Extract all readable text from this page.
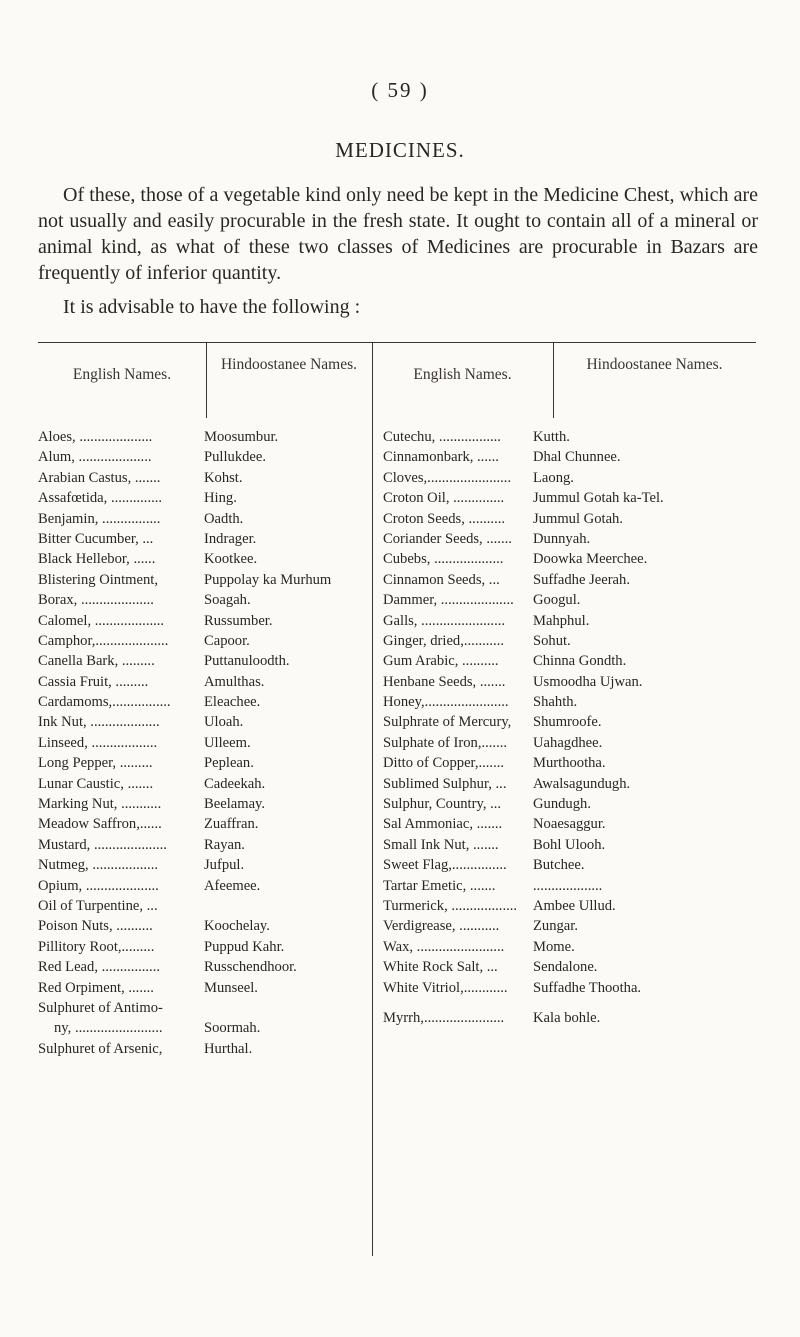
( 59 )
MEDICINES.

Of these, those of a vegetable kind only need be kept in the Medicine Chest, which are not usually and easily procurable in the fresh state. It ought to contain all of a mineral or animal kind, as what of these two classes of Medicines are procurable in Bazars are frequently of inferior quantity.

It is advisable to have the following :

English Names.
Hindoostanee Names.
English Names.
Hindoostanee Names.
Aloes, ....................	Moosumbur.
Alum, ....................	Pullukdee.
Arabian Castus, .......	Kohst.
Assafœtida, ..............	Hing.
Benjamin, ................	Oadth.
Bitter Cucumber, ...	Indrager.
Black Hellebor, ......	Kootkee.
Blistering Ointment,	Puppolay ka Murhum
Borax, ....................	Soagah.
Calomel, ...................	Russumber.
Camphor,.................... Capoor.
Canella Bark, .........	Puttanuloodth.
Cassia Fruit, .........	Amulthas.
Cardamoms,................ Eleachee.
Ink Nut, ...................	Uloah.
Linseed, ..................	Ulleem.
Long Pepper, .........	Peplean.
Lunar Caustic, .......	Cadeekah.
Marking Nut, ...........	Beelamay.
Meadow Saffron,......	Zuaffran.
Mustard, ....................	Rayan.
Nutmeg, ..................	Jufpul.
Opium, ....................	Afeemee.
Oil of Turpentine, ...
Poison Nuts, ..........	Koochelay.
Pillitory Root,.........	Puppud Kahr.
Red Lead, ................	Russchendhoor.
Red Orpiment, .......	Munseel.
Sulphuret of Antimo-
ny, ........................	Soormah.
Sulphuret of Arsenic,	Hurthal.
Cutechu, ................. Kutth.
Cinnamonbark, ...... Dhal Chunnee.
Cloves,....................... Laong.
Croton Oil, .............. Jummul Gotah ka-Tel.
Croton Seeds, .......... Jummul Gotah.
Coriander Seeds, ....... Dunnyah.
Cubebs, ................... Doowka Meerchee.
Cinnamon Seeds, ... Suffadhe Jeerah.
Dammer, .................... Googul.
Galls, ....................... Mahphul.
Ginger, dried,........... Sohut.
Gum Arabic, .......... Chinna Gondth.
Henbane Seeds, ....... Usmoodha Ujwan.
Honey,....................... Shahth.
Sulphrate of Mercury, Shumroofe.
Sulphate of Iron,....... Uahagdhee.
Ditto of Copper,....... Murthootha.
Sublimed Sulphur, ... Awalsagundugh.
Sulphur, Country, ... Gundugh.
Sal Ammoniac, ....... Noaesaggur.
Small Ink Nut, ....... Bohl Ulooh.
Sweet Flag,............... Butchee.
Tartar Emetic, .......	...................
Turmerick, .................. Ambee Ullud.
Verdigrease, ........... Zungar.
Wax, ........................ Mome.
White Rock Salt, ... Sendalone.
White Vitriol,............ Suffadhe Thootha.
Myrrh,...................... Kala bohle.
